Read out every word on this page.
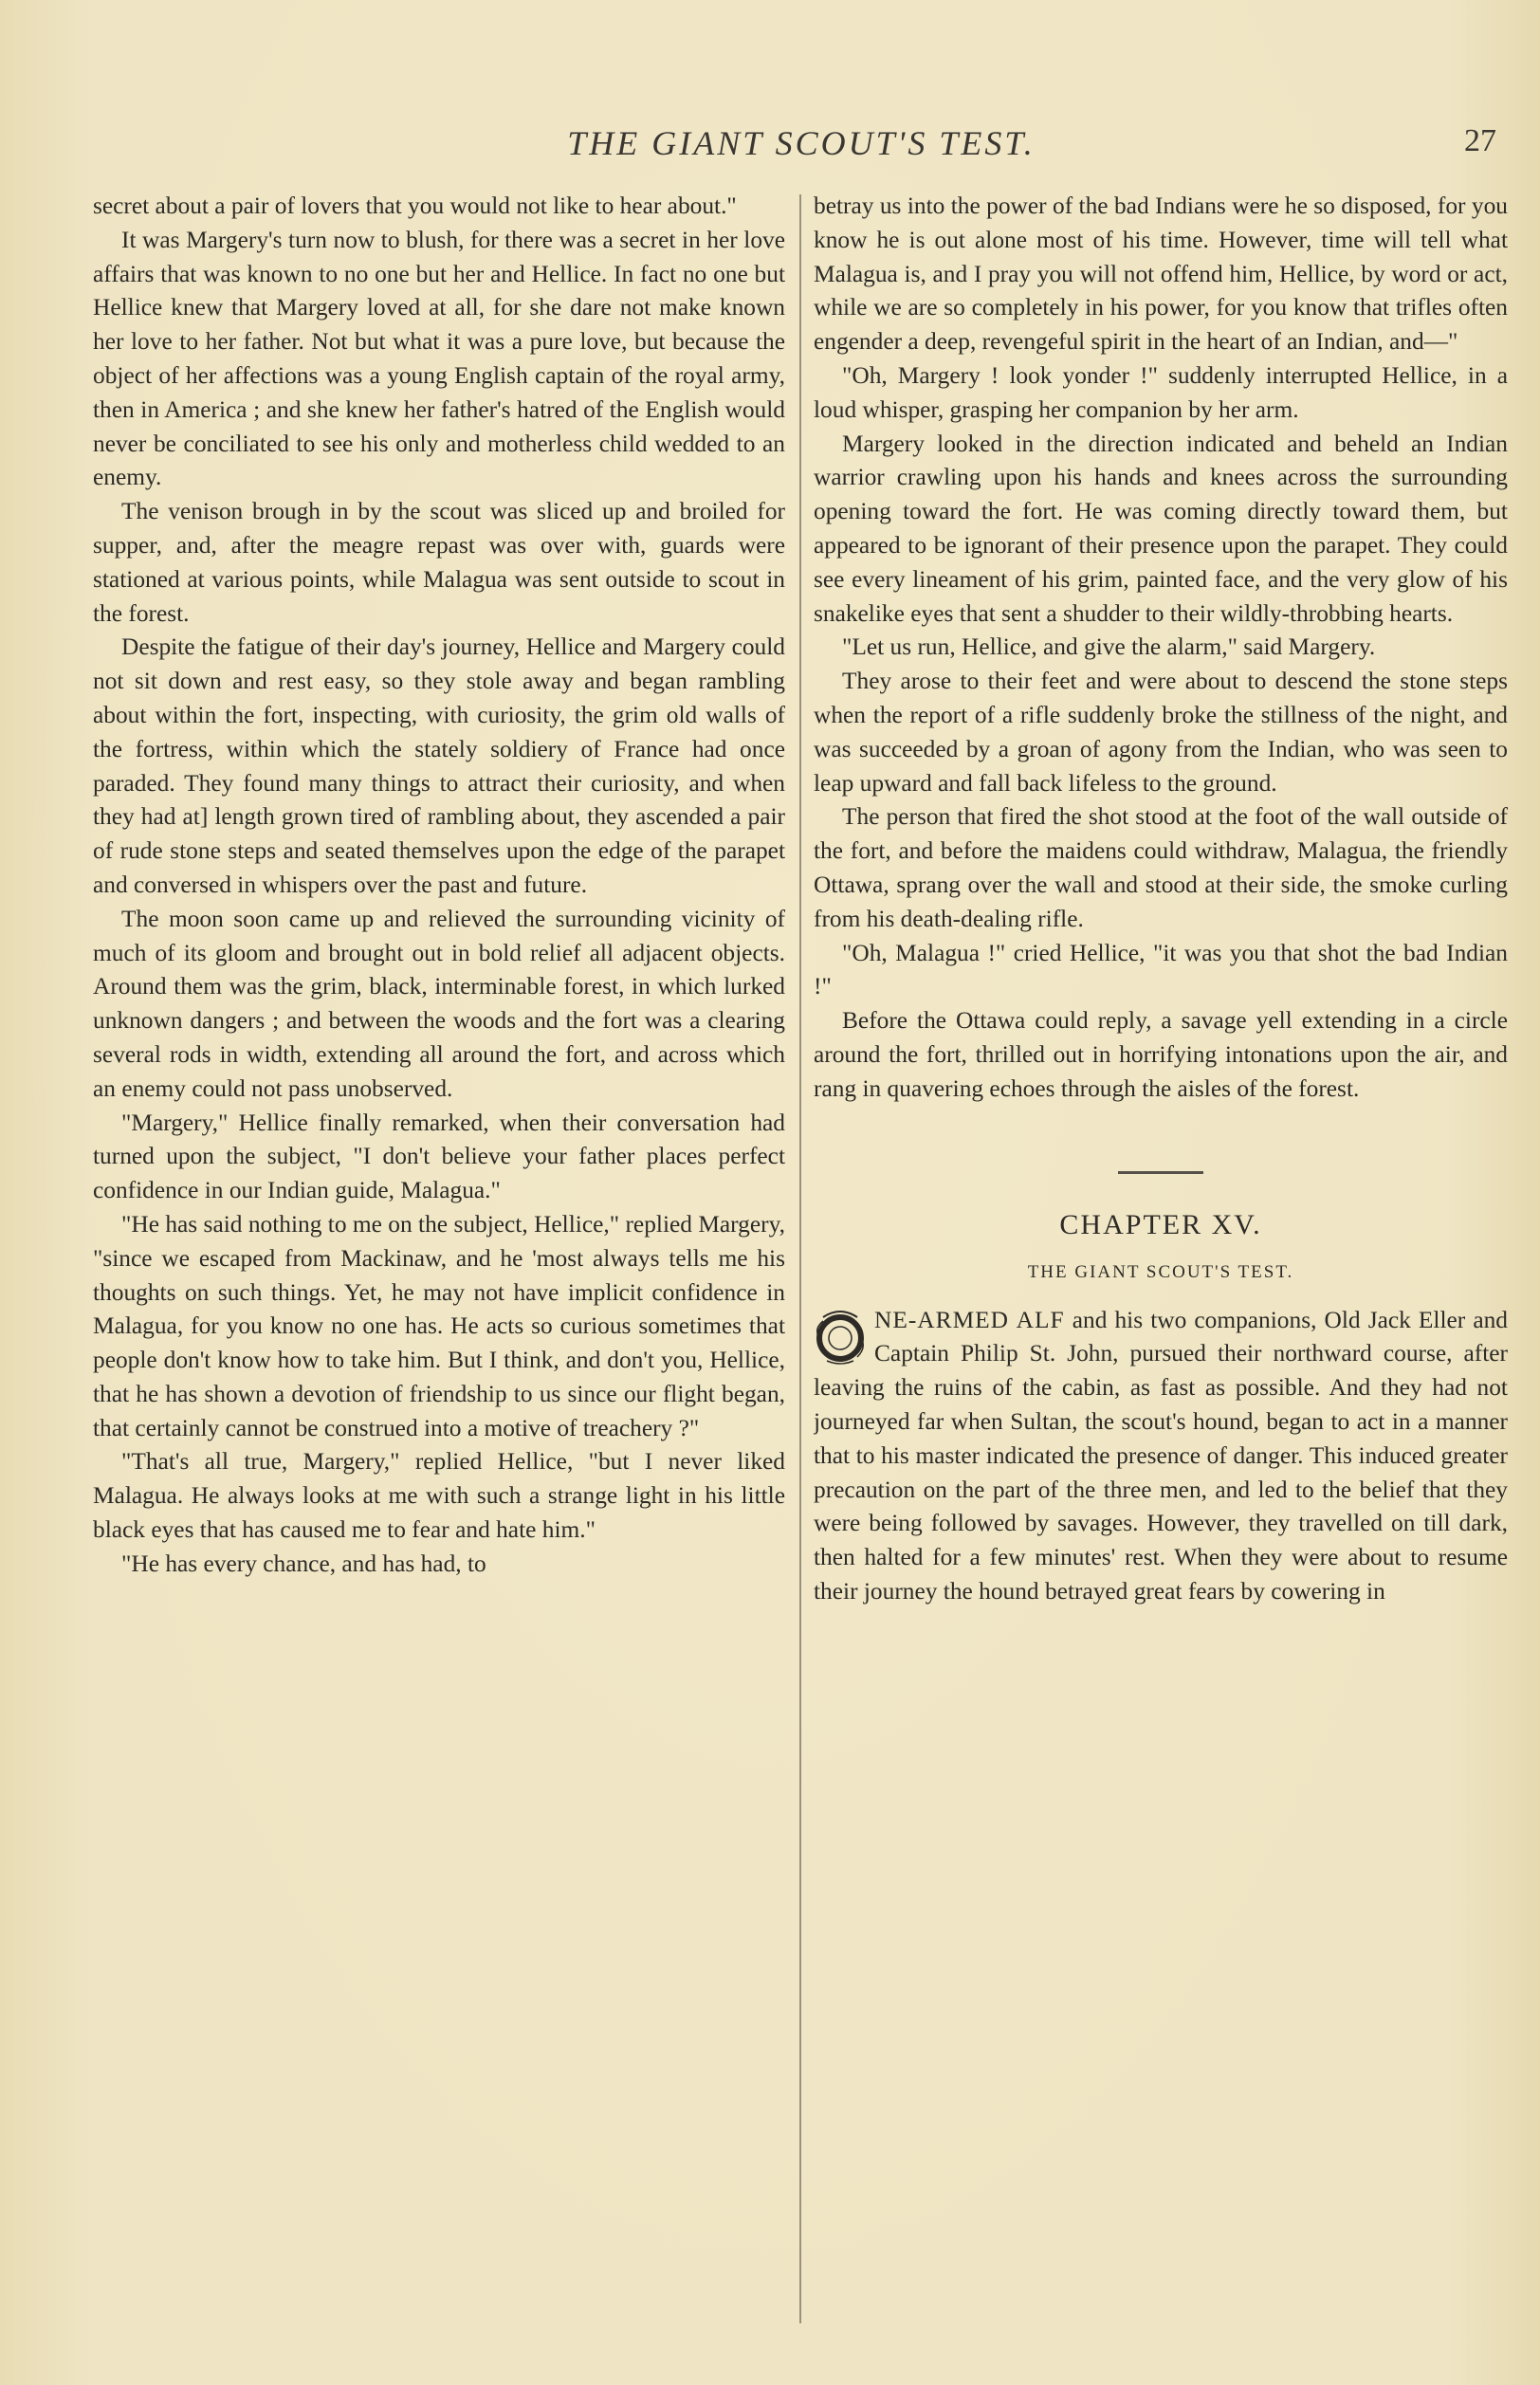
THE GIANT SCOUT'S TEST.	27

secret about a pair of lovers that you would not like to hear about."

It was Margery's turn now to blush, for there was a secret in her love affairs that was known to no one but her and Hellice. In fact no one but Hellice knew that Margery loved at all, for she dare not make known her love to her father. Not but what it was a pure love, but because the object of her affections was a young English captain of the royal army, then in America ; and she knew her father's hatred of the English would never be conciliated to see his only and motherless child wedded to an enemy.

The venison brough in by the scout was sliced up and broiled for supper, and, after the meagre repast was over with, guards were stationed at various points, while Malagua was sent outside to scout in the forest.

Despite the fatigue of their day's journey, Hellice and Margery could not sit down and rest easy, so they stole away and began rambling about within the fort, inspecting, with curiosity, the grim old walls of the fortress, within which the stately soldiery of France had once paraded. They found many things to attract their curiosity, and when they had at] length grown tired of rambling about, they ascended a pair of rude stone steps and seated themselves upon the edge of the parapet and conversed in whispers over the past and future.

The moon soon came up and relieved the surrounding vicinity of much of its gloom and brought out in bold relief all adjacent objects. Around them was the grim, black, interminable forest, in which lurked unknown dangers ; and between the woods and the fort was a clearing several rods in width, extending all around the fort, and across which an enemy could not pass unobserved.

"Margery," Hellice finally remarked, when their conversation had turned upon the subject, "I don't believe your father places perfect confidence in our Indian guide, Malagua."

"He has said nothing to me on the subject, Hellice," replied Margery, "since we escaped from Mackinaw, and he 'most always tells me his thoughts on such things. Yet, he may not have implicit confidence in Malagua, for you know no one has. He acts so curious sometimes that people don't know how to take him. But I think, and don't you, Hellice, that he has shown a devotion of friendship to us since our flight began, that certainly cannot be construed into a motive of treachery ?"

"That's all true, Margery," replied Hellice, "but I never liked Malagua. He always looks at me with such a strange light in his little black eyes that has caused me to fear and hate him."

"He has every chance, and has had, to

betray us into the power of the bad Indians were he so disposed, for you know he is out alone most of his time. However, time will tell what Malagua is, and I pray you will not offend him, Hellice, by word or act, while we are so completely in his power, for you know that trifles often engender a deep, revengeful spirit in the heart of an Indian, and—"

"Oh, Margery ! look yonder !" suddenly interrupted Hellice, in a loud whisper, grasping her companion by her arm.

Margery looked in the direction indicated and beheld an Indian warrior crawling upon his hands and knees across the surrounding opening toward the fort. He was coming directly toward them, but appeared to be ignorant of their presence upon the parapet. They could see every lineament of his grim, painted face, and the very glow of his snakelike eyes that sent a shudder to their wildly-throbbing hearts.

"Let us run, Hellice, and give the alarm," said Margery.

They arose to their feet and were about to descend the stone steps when the report of a rifle suddenly broke the stillness of the night, and was succeeded by a groan of agony from the Indian, who was seen to leap upward and fall back lifeless to the ground.

The person that fired the shot stood at the foot of the wall outside of the fort, and before the maidens could withdraw, Malagua, the friendly Ottawa, sprang over the wall and stood at their side, the smoke curling from his death-dealing rifle.

"Oh, Malagua !" cried Hellice, "it was you that shot the bad Indian !"

Before the Ottawa could reply, a savage yell extending in a circle around the fort, thrilled out in horrifying intonations upon the air, and rang in quavering echoes through the aisles of the forest.

CHAPTER XV.
THE GIANT SCOUT'S TEST.

NE-ARMED ALF and his two companions, Old Jack Eller and Captain Philip St. John, pursued their northward course, after leaving the ruins of the cabin, as fast as possible. And they had not journeyed far when Sultan, the scout's hound, began to act in a manner that to his master indicated the presence of danger. This induced greater precaution on the part of the three men, and led to the belief that they were being followed by savages. However, they travelled on till dark, then halted for a few minutes' rest. When they were about to resume their journey the hound betrayed great fears by cowering in
